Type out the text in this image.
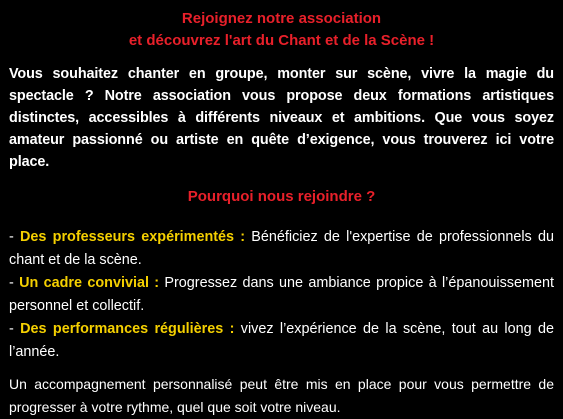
Rejoignez notre association
et découvrez l'art du Chant et de la Scène !

Vous souhaitez chanter en groupe, monter sur scène, vivre la magie du spectacle ? Notre association vous propose deux formations artistiques distinctes, accessibles à différents niveaux et ambitions. Que vous soyez amateur passionné ou artiste en quête d’exigence, vous trouverez ici votre place.

Pourquoi nous rejoindre ?
- Des professeurs expérimentés : Bénéficiez de l'expertise de professionnels du chant et de la scène.
- Un cadre convivial : Progressez dans une ambiance propice à l’épanouissement personnel et collectif.
- Des performances régulières : vivez l’expérience de la scène, tout au long de l’année.

Un accompagnement personnalisé peut être mis en place pour vous permettre de progresser à votre rythme, quel que soit votre niveau.
